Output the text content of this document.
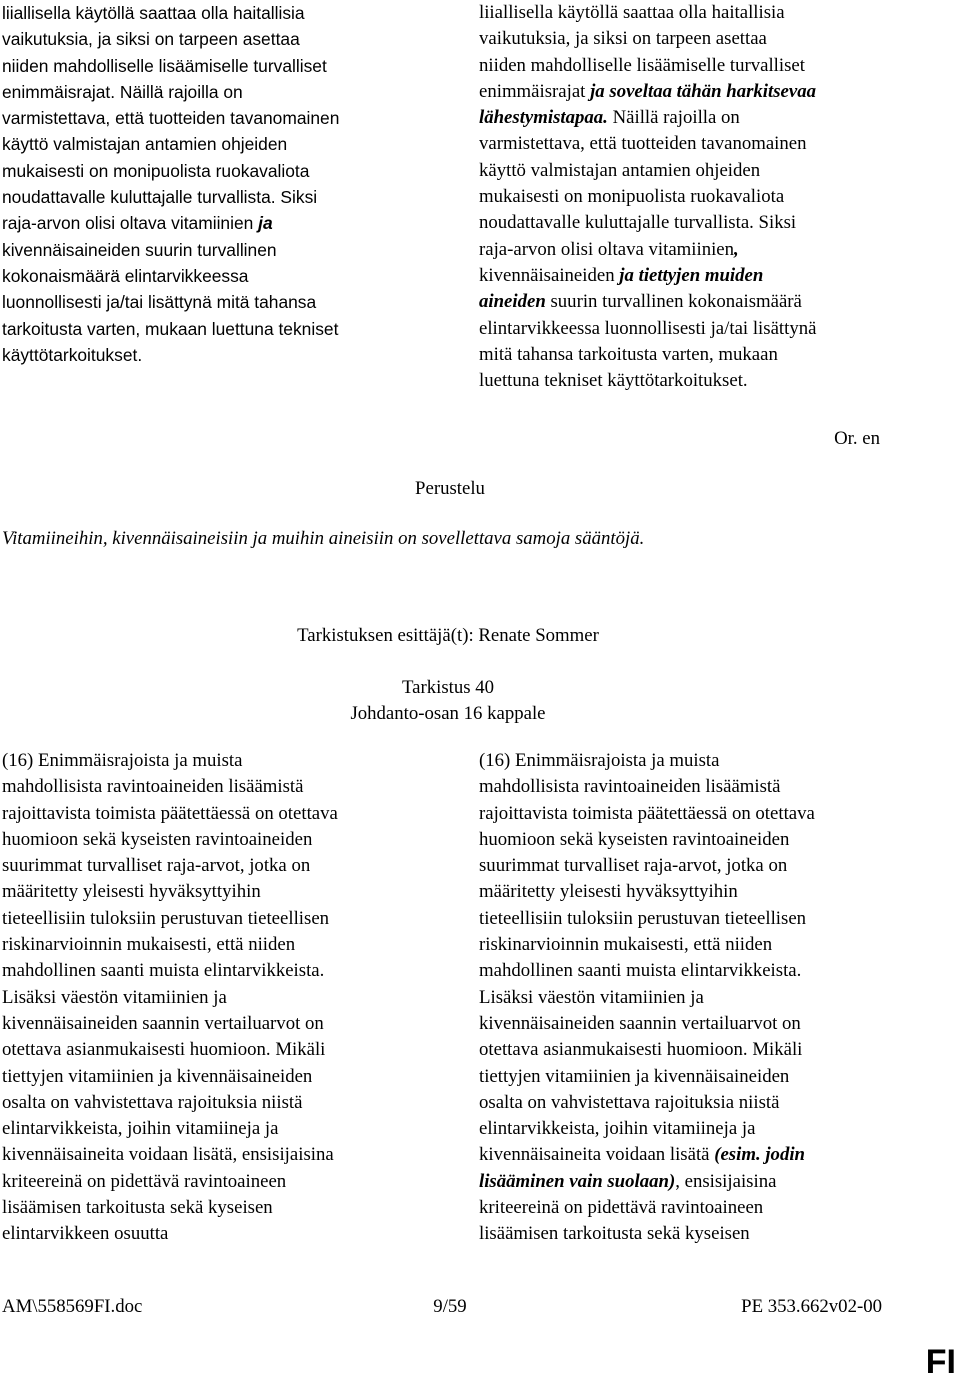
liiallisella käytöllä saattaa olla haitallisia
vaikutuksia, ja siksi on tarpeen asettaa
niiden mahdolliselle lisäämiselle turvalliset
enimmäisrajat. Näillä rajoilla on
varmistettava, että tuotteiden tavanomainen
käyttö valmistajan antamien ohjeiden
mukaisesti on monipuolista ruokavaliota
noudattavalle kuluttajalle turvallista. Siksi
raja-arvon olisi oltava vitamiinien ja
kivennäisaineiden suurin turvallinen
kokonaismäärä elintarvikkeessa
luonnollisesti ja/tai lisättynä mitä tahansa
tarkoitusta varten, mukaan luettuna tekniset
käyttötarkoitukset.
liiallisella käytöllä saattaa olla haitallisia
vaikutuksia, ja siksi on tarpeen asettaa
niiden mahdolliselle lisäämiselle turvalliset
enimmäisrajat ja soveltaa tähän harkitsevaa
lähestymistapaa. Näillä rajoilla on
varmistettava, että tuotteiden tavanomainen
käyttö valmistajan antamien ohjeiden
mukaisesti on monipuolista ruokavaliota
noudattavalle kuluttajalle turvallista. Siksi
raja-arvon olisi oltava vitamiinien,
kivennäisaineiden ja tiettyjen muiden
aineiden suurin turvallinen kokonaismäärä
elintarvikkeessa luonnollisesti ja/tai lisättynä
mitä tahansa tarkoitusta varten, mukaan
luettuna tekniset käyttötarkoitukset.
Or. en
Perustelu
Vitamiineihin, kivennäisaineisiin ja muihin aineisiin on sovellettava samoja sääntöjä.
Tarkistuksen esittäjä(t): Renate Sommer
Tarkistus 40
Johdanto-osan 16 kappale
(16) Enimmäisrajoista ja muista
mahdollisista ravintoaineiden lisäämistä
rajoittavista toimista päätettäessä on otettava
huomioon sekä kyseisten ravintoaineiden
suurimmat turvalliset raja-arvot, jotka on
määritetty yleisesti hyväksyttyihin
tieteellisiin tuloksiin perustuvan tieteellisen
riskinarvioinnin mukaisesti, että niiden
mahdollinen saanti muista elintarvikkeista.
Lisäksi väestön vitamiinien ja
kivennäisaineiden saannin vertailuarvot on
otettava asianmukaisesti huomioon. Mikäli
tiettyjen vitamiinien ja kivennäisaineiden
osalta on vahvistettava rajoituksia niistä
elintarvikkeista, joihin vitamiineja ja
kivennäisaineita voidaan lisätä, ensisijaisina
kriteereinä on pidettävä ravintoaineen
lisäämisen tarkoitusta sekä kyseisen
elintarvikkeen osuutta
(16) Enimmäisrajoista ja muista
mahdollisista ravintoaineiden lisäämistä
rajoittavista toimista päätettäessä on otettava
huomioon sekä kyseisten ravintoaineiden
suurimmat turvalliset raja-arvot, jotka on
määritetty yleisesti hyväksyttyihin
tieteellisiin tuloksiin perustuvan tieteellisen
riskinarvioinnin mukaisesti, että niiden
mahdollinen saanti muista elintarvikkeista.
Lisäksi väestön vitamiinien ja
kivennäisaineiden saannin vertailuarvot on
otettava asianmukaisesti huomioon. Mikäli
tiettyjen vitamiinien ja kivennäisaineiden
osalta on vahvistettava rajoituksia niistä
elintarvikkeista, joihin vitamiineja ja
kivennäisaineita voidaan lisätä (esim. jodin
lisääminen vain suolaan), ensisijaisina
kriteereinä on pidettävä ravintoaineen
lisäämisen tarkoitusta sekä kyseisen
AM\558569FI.doc	9/59	PE 353.662v02-00
FI
